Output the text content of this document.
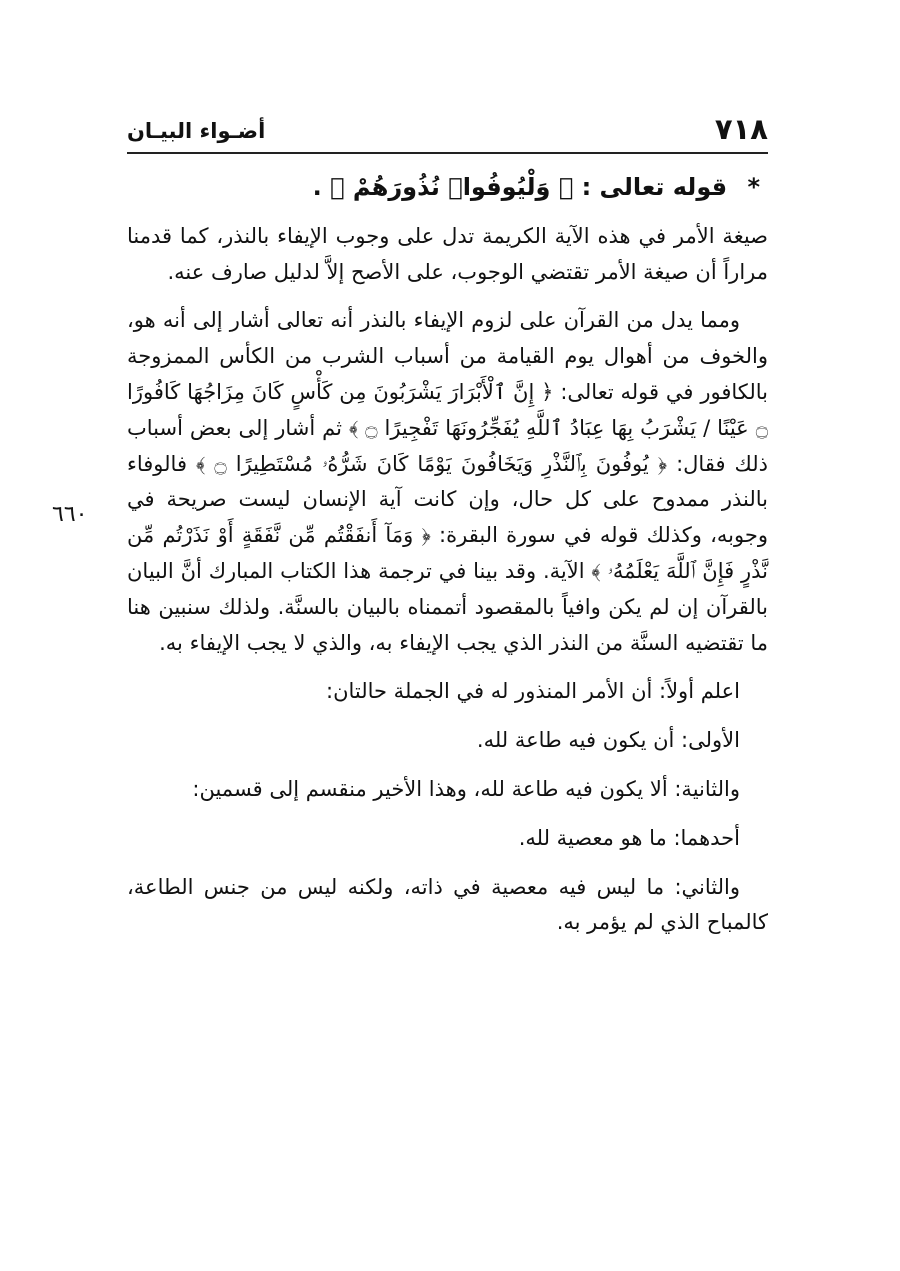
٧١٨
أضـواء البيـان
٦٦٠
* قوله تعالى : ﴿ وَلْيُوفُوا۟ نُذُورَهُمْ ﴾ .

صيغة الأمر في هذه الآية الكريمة تدل على وجوب الإيفاء بالنذر، كما قدمنا مراراً أن صيغة الأمر تقتضي الوجوب، على الأصح إلاَّ لدليل صارف عنه.

ومما يدل من القرآن على لزوم الإيفاء بالنذر أنه تعالى أشار إلى أنه هو، والخوف من أهوال يوم القيامة من أسباب الشرب من الكأس الممزوجة بالكافور في قوله تعالى: ﴿ إِنَّ ٱلْأَبْرَارَ يَشْرَبُونَ مِن كَأْسٍ كَانَ مِزَاجُهَا كَافُورًا ۝ عَيْنًا / يَشْرَبُ بِهَا عِبَادُ ٱللَّهِ يُفَجِّرُونَهَا تَفْجِيرًا ۝ ﴾ ثم أشار إلى بعض أسباب ذلك فقال: ﴿ يُوفُونَ بِٱلنَّذْرِ وَيَخَافُونَ يَوْمًا كَانَ شَرُّهُۥ مُسْتَطِيرًا ۝ ﴾ فالوفاء بالنذر ممدوح على كل حال، وإن كانت آية الإنسان ليست صريحة في وجوبه، وكذلك قوله في سورة البقرة: ﴿ وَمَآ أَنفَقْتُم مِّن نَّفَقَةٍ أَوْ نَذَرْتُم مِّن نَّذْرٍ فَإِنَّ ٱللَّهَ يَعْلَمُهُۥ ﴾ الآية. وقد بينا في ترجمة هذا الكتاب المبارك أنَّ البيان بالقرآن إن لم يكن وافياً بالمقصود أتممناه بالبيان بالسنَّة. ولذلك سنبين هنا ما تقتضيه السنَّة من النذر الذي يجب الإيفاء به، والذي لا يجب الإيفاء به.

اعلم أولاً: أن الأمر المنذور له في الجملة حالتان:

الأولى: أن يكون فيه طاعة لله.

والثانية: ألا يكون فيه طاعة لله، وهذا الأخير منقسم إلى قسمين:

أحدهما: ما هو معصية لله.

والثاني: ما ليس فيه معصية في ذاته، ولكنه ليس من جنس الطاعة، كالمباح الذي لم يؤمر به.
